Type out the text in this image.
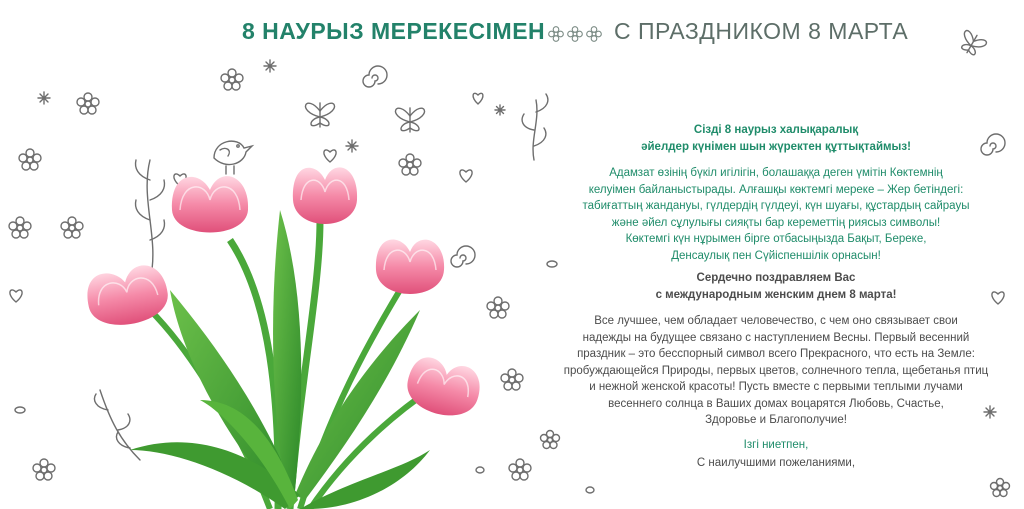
8 НАУРЫЗ МЕРЕКЕСІМЕН	С ПРАЗДНИКОМ 8 МАРТА
Сізді 8 наурыз халықаралық
әйелдер күнімен шын жүректен құттықтаймыз!
Адамзат өзінің бүкіл игілігін, болашаққа деген үмітін Көктемнің
келуімен байланыстырады. Алғашқы көктемгі мереке – Жер бетіндегі:
табиғаттың жандануы, гүлдердің гүлдеуі, күн шуағы, құстардың сайрауы
және әйел сұлулығы сияқты бар кереметтің риясыз символы!
Көктемгі күн нұрымен бірге отбасыңызда Бақыт, Береке,
Денсаулық пен Сүйіспеншілік орнасын!
Сердечно поздравляем Вас
с международным женским днем 8 марта!
Все лучшее, чем обладает человечество, с чем оно связывает свои
надежды на будущее связано с наступлением Весны. Первый весенний
праздник – это бесспорный символ всего Прекрасного, что есть на Земле:
пробуждающейся Природы, первых цветов, солнечного тепла, щебетанья птиц
и нежной женской красоты! Пусть вместе с первыми теплыми лучами
весеннего солнца в Ваших домах воцарятся Любовь, Счастье,
Здоровье и Благополучие!
Ізгі ниетпен,
С наилучшими пожеланиями,
